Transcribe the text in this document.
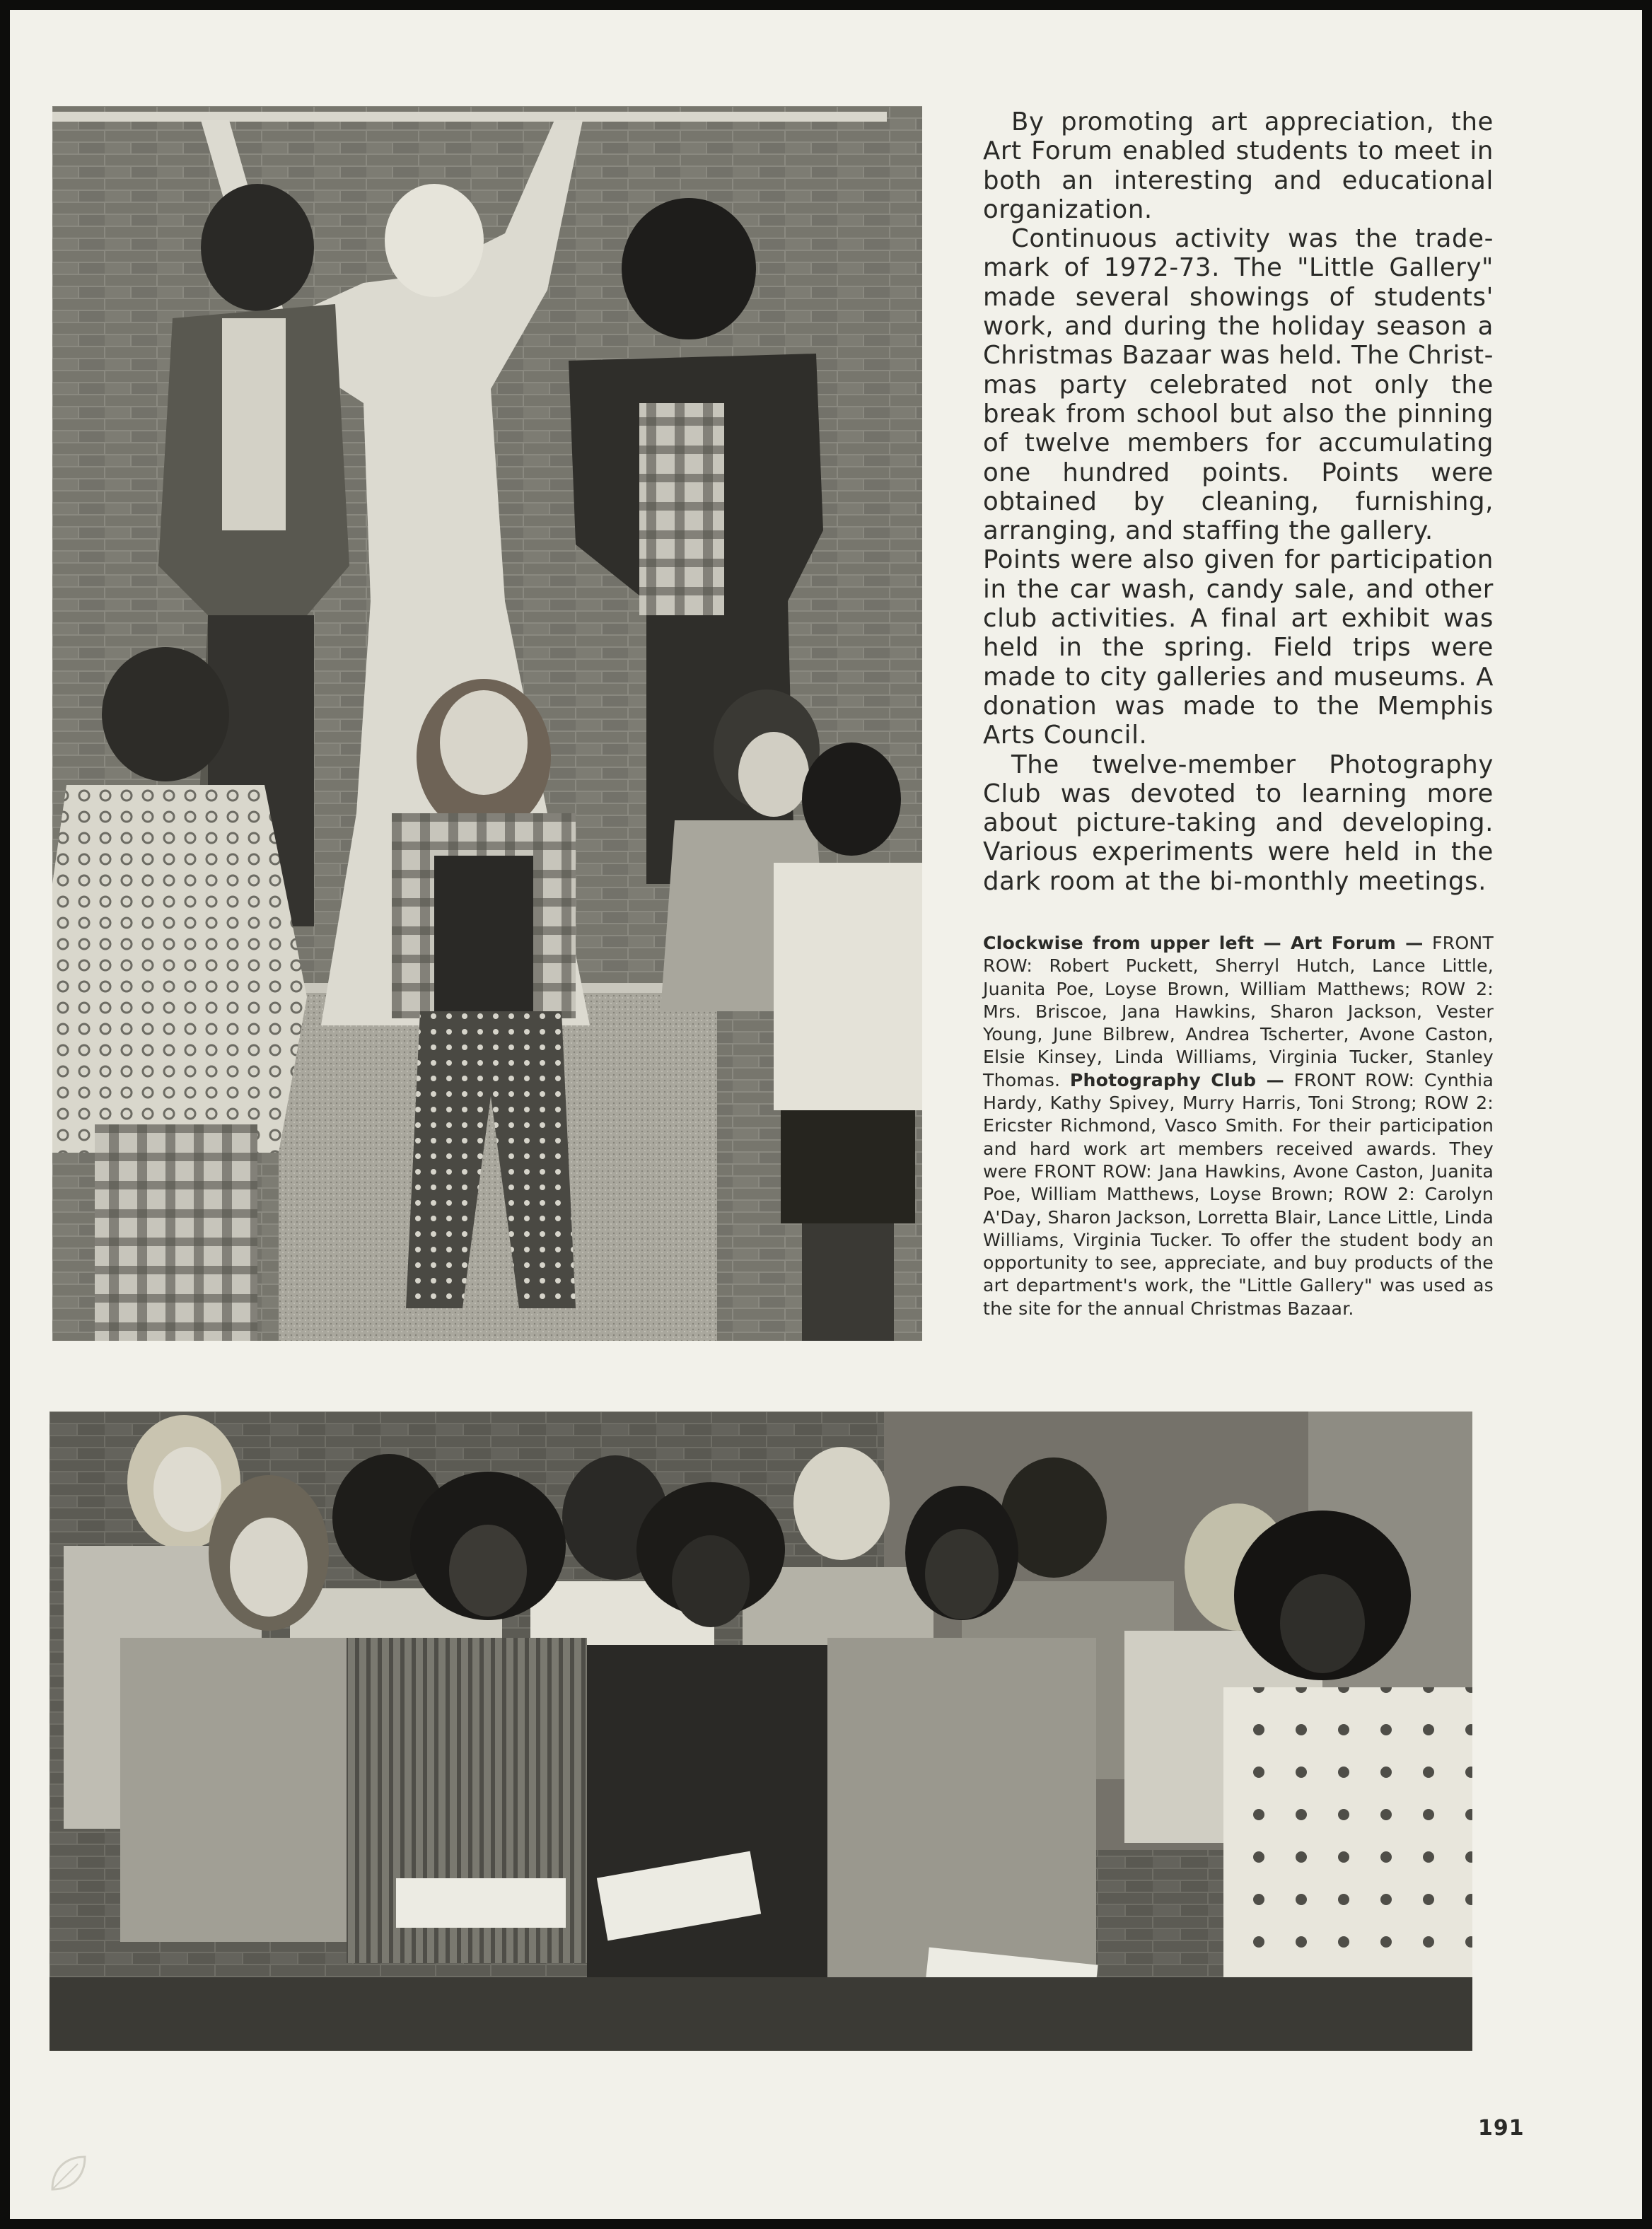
By promoting art appreciation, the Art Forum enabled students to meet in both an interesting and educational organization.

Continuous activity was the trade-mark of 1972-73. The "Little Gallery" made several showings of students' work, and during the holiday season a Christmas Bazaar was held. The Christ-mas party celebrated not only the break from school but also the pinning of twelve members for accumulating one hundred points. Points were obtained by cleaning, furnishing, arranging, and staffing the gallery.

Points were also given for participation in the car wash, candy sale, and other club activities. A final art exhibit was held in the spring. Field trips were made to city galleries and museums. A donation was made to the Memphis Arts Council.

The twelve-member Photography Club was devoted to learning more about picture-taking and developing. Various experiments were held in the dark room at the bi-monthly meetings.

Clockwise from upper left — Art Forum — FRONT ROW: Robert Puckett, Sherryl Hutch, Lance Little, Juanita Poe, Loyse Brown, William Matthews; ROW 2: Mrs. Briscoe, Jana Hawkins, Sharon Jackson, Vester Young, June Bilbrew, Andrea Tscherter, Avone Caston, Elsie Kinsey, Linda Williams, Virginia Tucker, Stanley Thomas. Photography Club — FRONT ROW: Cynthia Hardy, Kathy Spivey, Murry Harris, Toni Strong; ROW 2: Ericster Richmond, Vasco Smith. For their participation and hard work art members received awards. They were FRONT ROW: Jana Hawkins, Avone Caston, Juanita Poe, William Matthews, Loyse Brown; ROW 2: Carolyn A'Day, Sharon Jackson, Lorretta Blair, Lance Little, Linda Williams, Virginia Tucker. To offer the student body an opportunity to see, appreciate, and buy products of the art department's work, the "Little Gallery" was used as the site for the annual Christmas Bazaar.
191
